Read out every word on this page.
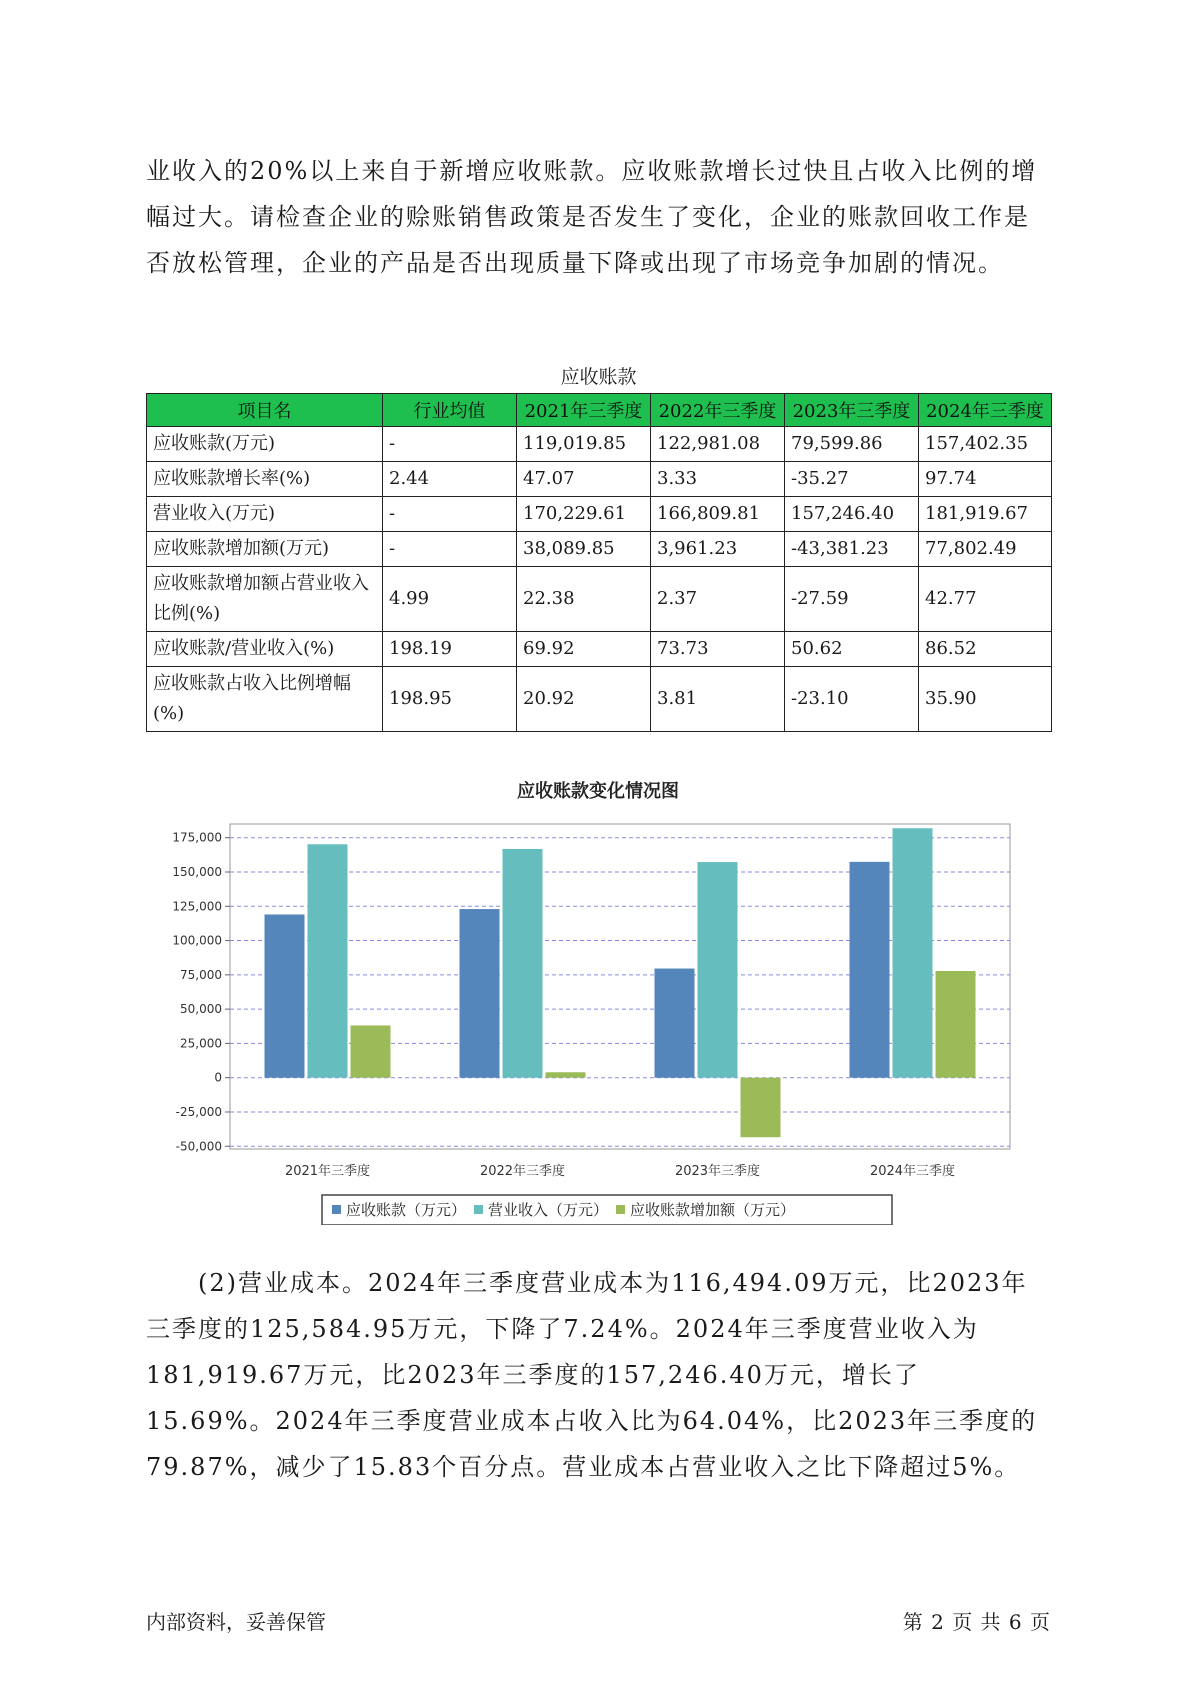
业收入的20%以上来自于新增应收账款。应收账款增长过快且占收入比例的增幅过大。请检查企业的赊账销售政策是否发生了变化，企业的账款回收工作是否放松管理，企业的产品是否出现质量下降或出现了市场竞争加剧的情况。

应收账款
项目名	行业均值	2021年三季度	2022年三季度	2023年三季度	2024年三季度
应收账款(万元)	-	119,019.85	122,981.08	79,599.86	157,402.35
应收账款增长率(%)	2.44	47.07	3.33	-35.27	97.74
营业收入(万元)	-	170,229.61	166,809.81	157,246.40	181,919.67
应收账款增加额(万元)	-	38,089.85	3,961.23	-43,381.23	77,802.49
应收账款增加额占营业收入比例(%)	4.99	22.38	2.37	-27.59	42.77
应收账款/营业收入(%)	198.19	69.92	73.73	50.62	86.52
应收账款占收入比例增幅(%)	198.95	20.92	3.81	-23.10	35.90
应收账款变化情况图
175,000
150,000
125,000
100,000
75,000
50,000
25,000
0
-25,000
-50,000
2021年三季度	2022年三季度	2023年三季度	2024年三季度
应收账款（万元） 营业收入（万元） 应收账款增加额（万元）

(2)营业成本。2024年三季度营业成本为116,494.09万元，比2023年三季度的125,584.95万元，下降了7.24%。2024年三季度营业收入为181,919.67万元，比2023年三季度的157,246.40万元，增长了15.69%。2024年三季度营业成本占收入比为64.04%，比2023年三季度的79.87%，减少了15.83个百分点。营业成本占营业收入之比下降超过5%。

内部资料，妥善保管	第 2 页 共 6 页
